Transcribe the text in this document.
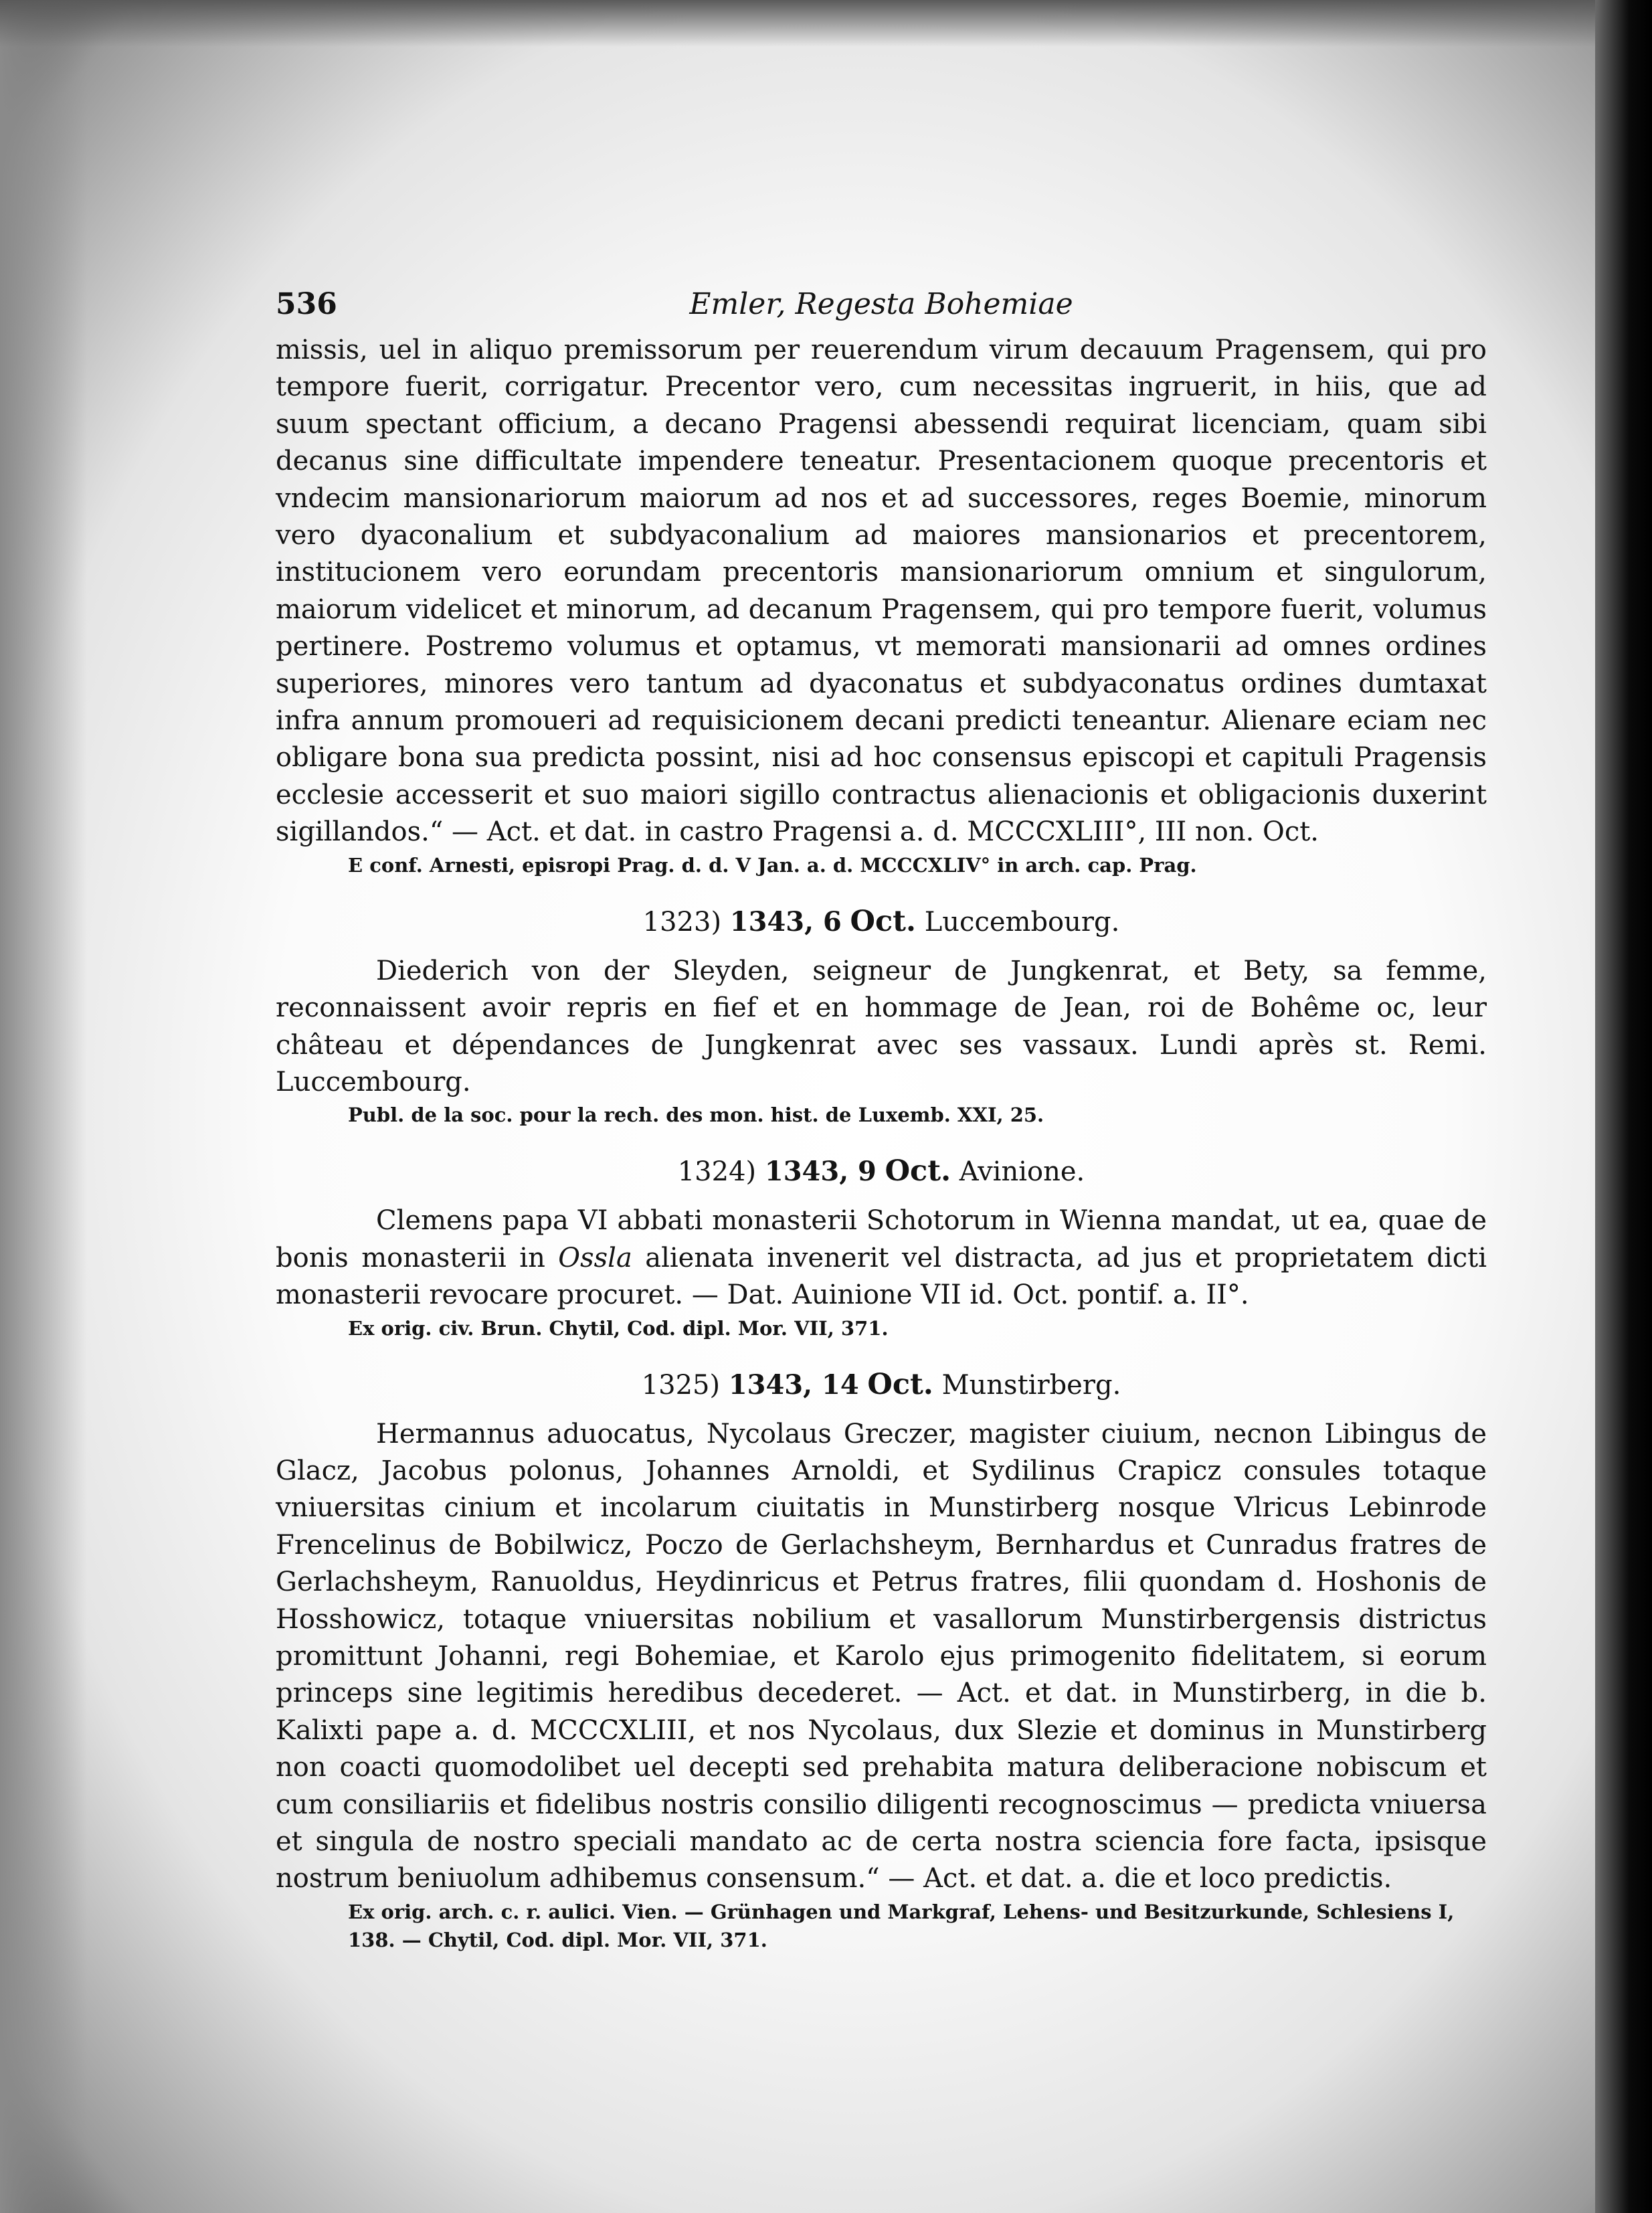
536	Emler, Regesta Bohemiae

missis, uel in aliquo premissorum per reuerendum virum decauum Pragensem, qui pro tempore fuerit, corrigatur. Precentor vero, cum necessitas ingruerit, in hiis, que ad suum spectant officium, a decano Pragensi abessendi requirat licenciam, quam sibi decanus sine difficultate impendere teneatur. Presentacionem quoque precentoris et vndecim mansionariorum maiorum ad nos et ad successores, reges Boemie, minorum vero dyaconalium et subdyaconalium ad maiores mansionarios et precentorem, institucionem vero eorundam precentoris mansionariorum omnium et singulorum, maiorum videlicet et minorum, ad decanum Pragensem, qui pro tempore fuerit, volumus pertinere. Postremo volumus et optamus, vt memorati mansionarii ad omnes ordines superiores, minores vero tantum ad dyaconatus et subdyaconatus ordines dumtaxat infra annum promoueri ad requisicionem decani predicti teneantur. Alienare eciam nec obligare bona sua predicta possint, nisi ad hoc consensus episcopi et capituli Pragensis ecclesie accesserit et suo maiori sigillo contractus alienacionis et obligacionis duxerint sigillandos.“ — Act. et dat. in castro Pragensi a. d. MCCCXLIII°, III non. Oct.

E conf. Arnesti, episropi Prag. d. d. V Jan. a. d. MCCCXLIV° in arch. cap. Prag.

1323) 1343, 6 Oct. Luccembourg.

Diederich von der Sleyden, seigneur de Jungkenrat, et Bety, sa femme, reconnaissent avoir repris en fief et en hommage de Jean, roi de Bohême oc, leur château et dépendances de Jungkenrat avec ses vassaux. Lundi après st. Remi. Luccembourg.

Publ. de la soc. pour la rech. des mon. hist. de Luxemb. XXI, 25.

1324) 1343, 9 Oct. Avinione.

Clemens papa VI abbati monasterii Schotorum in Wienna mandat, ut ea, quae de bonis monasterii in Ossla alienata invenerit vel distracta, ad jus et proprietatem dicti monasterii revocare procuret. — Dat. Auinione VII id. Oct. pontif. a. II°.

Ex orig. civ. Brun. Chytil, Cod. dipl. Mor. VII, 371.

1325) 1343, 14 Oct. Munstirberg.

Hermannus aduocatus, Nycolaus Greczer, magister ciuium, necnon Libingus de Glacz, Jacobus polonus, Johannes Arnoldi, et Sydilinus Crapicz consules totaque vniuersitas cinium et incolarum ciuitatis in Munstirberg nosque Vlricus Lebinrode Frencelinus de Bobilwicz, Poczo de Gerlachsheym, Bernhardus et Cunradus fratres de Gerlachsheym, Ranuoldus, Heydinricus et Petrus fratres, filii quondam d. Hoshonis de Hosshowicz, totaque vniuersitas nobilium et vasallorum Munstirbergensis districtus promittunt Johanni, regi Bohemiae, et Karolo ejus primogenito fidelitatem, si eorum princeps sine legitimis heredibus decederet. — Act. et dat. in Munstirberg, in die b. Kalixti pape a. d. MCCCXLIII, et nos Nycolaus, dux Slezie et dominus in Munstirberg non coacti quomodolibet uel decepti sed prehabita matura deliberacione nobiscum et cum consiliariis et fidelibus nostris consilio diligenti recognoscimus — predicta vniuersa et singula de nostro speciali mandato ac de certa nostra sciencia fore facta, ipsisque nostrum beniuolum adhibemus consensum.“ — Act. et dat. a. die et loco predictis.

Ex orig. arch. c. r. aulici. Vien. — Grünhagen und Markgraf, Lehens- und Besitzurkunde, Schlesiens I, 138. — Chytil, Cod. dipl. Mor. VII, 371.
